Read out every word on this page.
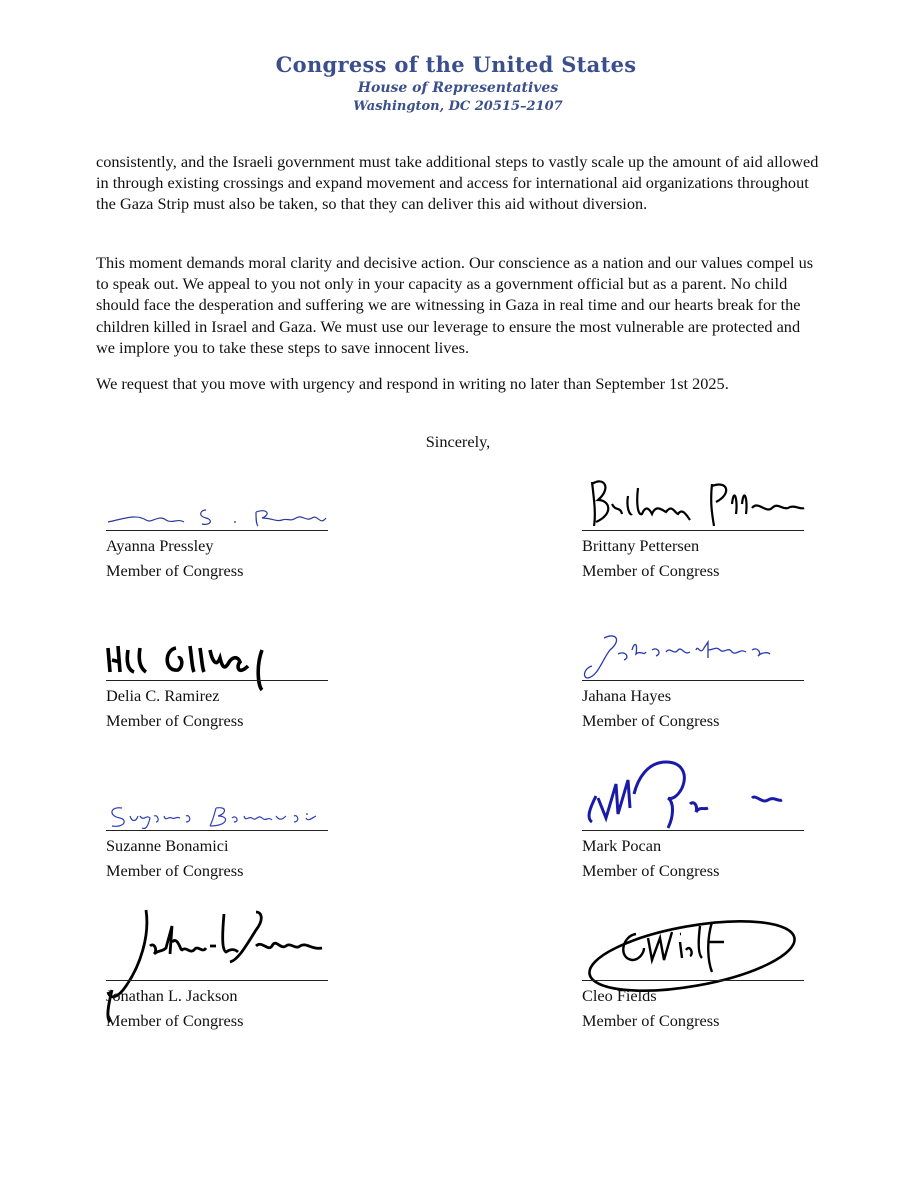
Congress of the United States
House of Representatives
Washington, DC 20515–2107
consistently, and the Israeli government must take additional steps to vastly scale up the amount of aid allowed in through existing crossings and expand movement and access for international aid organizations throughout the Gaza Strip must also be taken, so that they can deliver this aid without diversion.
This moment demands moral clarity and decisive action. Our conscience as a nation and our values compel us to speak out. We appeal to you not only in your capacity as a government official but as a parent. No child should face the desperation and suffering we are witnessing in Gaza in real time and our hearts break for the children killed in Israel and Gaza. We must use our leverage to ensure the most vulnerable are protected and we implore you to take these steps to save innocent lives.
We request that you move with urgency and respond in writing no later than September 1st 2025.
Sincerely,
Ayanna Pressley
Member of Congress
Brittany Pettersen
Member of Congress
Delia C. Ramirez
Member of Congress
Jahana Hayes
Member of Congress
Suzanne Bonamici
Member of Congress
Mark Pocan
Member of Congress
Jonathan L. Jackson
Member of Congress
Cleo Fields
Member of Congress
